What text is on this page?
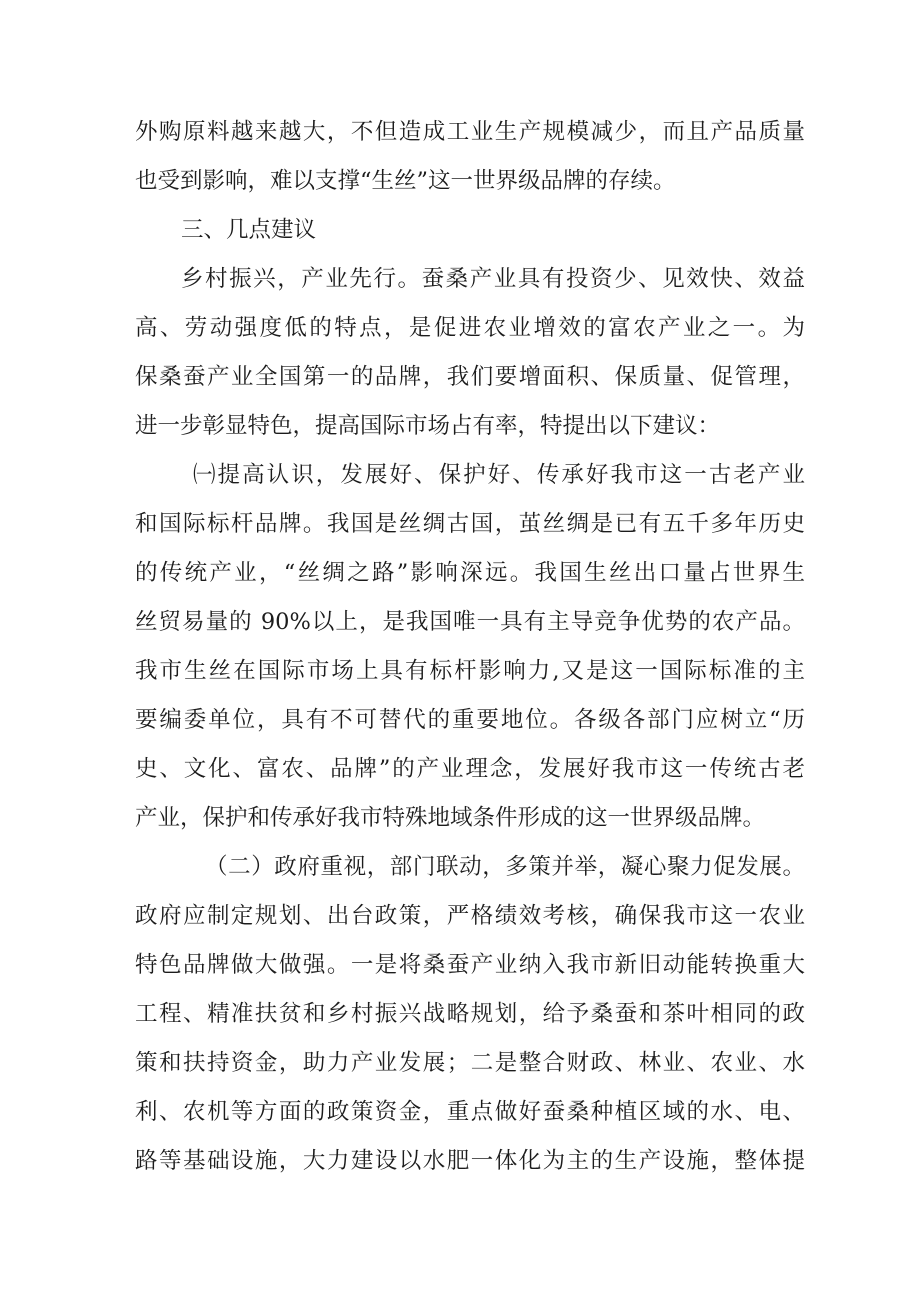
外购原料越来越大，不但造成工业生产规模减少，而且产品质量
也受到影响，难以支撑“生丝”这一世界级品牌的存续。
三、几点建议
乡村振兴，产业先行。蚕桑产业具有投资少、见效快、效益
高、劳动强度低的特点，是促进农业增效的富农产业之一。为
保桑蚕产业全国第一的品牌，我们要增面积、保质量、促管理，
进一步彰显特色，提高国际市场占有率，特提出以下建议：
㈠提高认识，发展好、保护好、传承好我市这一古老产业
和国际标杆品牌。我国是丝绸古国，茧丝绸是已有五千多年历史
的传统产业，“丝绸之路”影响深远。我国生丝出口量占世界生
丝贸易量的 90%以上，是我国唯一具有主导竞争优势的农产品。
我市生丝在国际市场上具有标杆影响力,又是这一国际标准的主
要编委单位，具有不可替代的重要地位。各级各部门应树立“历
史、文化、富农、品牌”的产业理念，发展好我市这一传统古老
产业，保护和传承好我市特殊地域条件形成的这一世界级品牌。
（二）政府重视，部门联动，多策并举，凝心聚力促发展。
政府应制定规划、出台政策，严格绩效考核，确保我市这一农业
特色品牌做大做强。一是将桑蚕产业纳入我市新旧动能转换重大
工程、精准扶贫和乡村振兴战略规划，给予桑蚕和茶叶相同的政
策和扶持资金，助力产业发展；二是整合财政、林业、农业、水
利、农机等方面的政策资金，重点做好蚕桑种植区域的水、电、
路等基础设施，大力建设以水肥一体化为主的生产设施，整体提
